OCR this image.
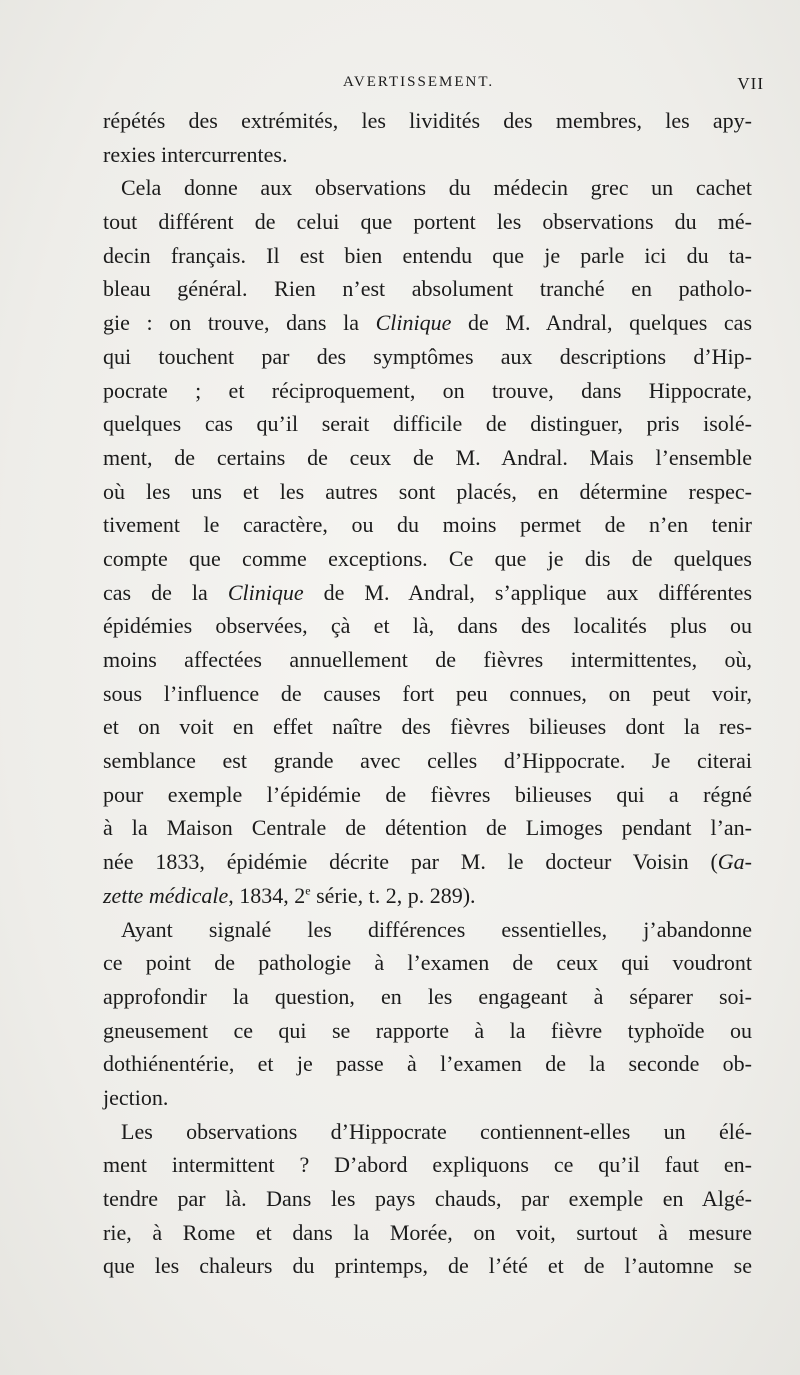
AVERTISSEMENT.	VII
répétés des extrémités, les lividités des membres, les apy-
rexies intercurrentes.
Cela donne aux observations du médecin grec un cachet
tout différent de celui que portent les observations du mé-
decin français. Il est bien entendu que je parle ici du ta-
bleau général. Rien n’est absolument tranché en patholo-
gie : on trouve, dans la Clinique de M. Andral, quelques cas
qui touchent par des symptômes aux descriptions d’Hip-
pocrate ; et réciproquement, on trouve, dans Hippocrate,
quelques cas qu’il serait difficile de distinguer, pris isolé-
ment, de certains de ceux de M. Andral. Mais l’ensemble
où les uns et les autres sont placés, en détermine respec-
tivement le caractère, ou du moins permet de n’en tenir
compte que comme exceptions. Ce que je dis de quelques
cas de la Clinique de M. Andral, s’applique aux différentes
épidémies observées, çà et là, dans des localités plus ou
moins affectées annuellement de fièvres intermittentes, où,
sous l’influence de causes fort peu connues, on peut voir,
et on voit en effet naître des fièvres bilieuses dont la res-
semblance est grande avec celles d’Hippocrate. Je citerai
pour exemple l’épidémie de fièvres bilieuses qui a régné
à la Maison Centrale de détention de Limoges pendant l’an-
née 1833, épidémie décrite par M. le docteur Voisin (Ga-
zette médicale, 1834, 2e série, t. 2, p. 289).
Ayant signalé les différences essentielles, j’abandonne
ce point de pathologie à l’examen de ceux qui voudront
approfondir la question, en les engageant à séparer soi-
gneusement ce qui se rapporte à la fièvre typhoïde ou
dothiénentérie, et je passe à l’examen de la seconde ob-
jection.
Les observations d’Hippocrate contiennent-elles un élé-
ment intermittent ? D’abord expliquons ce qu’il faut en-
tendre par là. Dans les pays chauds, par exemple en Algé-
rie, à Rome et dans la Morée, on voit, surtout à mesure
que les chaleurs du printemps, de l’été et de l’automne se
